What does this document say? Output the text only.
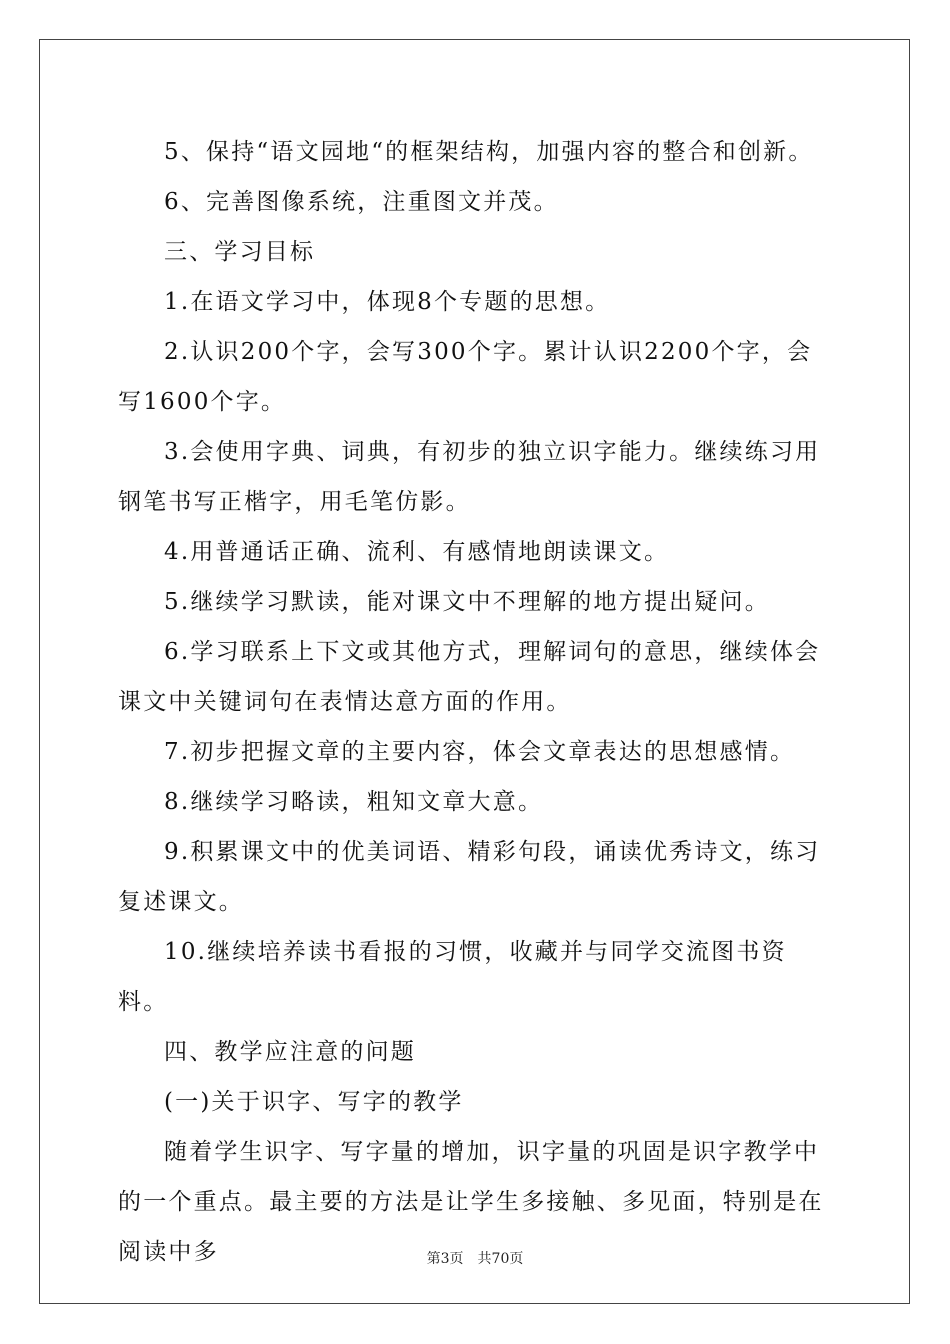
5、保持“语文园地“的框架结构，加强内容的整合和创新。

6、完善图像系统，注重图文并茂。

三、学习目标

1.在语文学习中，体现8个专题的思想。

2.认识200个字，会写300个字。累计认识2200个字，会写1600个字。

3.会使用字典、词典，有初步的独立识字能力。继续练习用钢笔书写正楷字，用毛笔仿影。

4.用普通话正确、流利、有感情地朗读课文。

5.继续学习默读，能对课文中不理解的地方提出疑问。

6.学习联系上下文或其他方式，理解词句的意思，继续体会课文中关键词句在表情达意方面的作用。

7.初步把握文章的主要内容，体会文章表达的思想感情。

8.继续学习略读，粗知文章大意。

9.积累课文中的优美词语、精彩句段，诵读优秀诗文，练习复述课文。

10.继续培养读书看报的习惯，收藏并与同学交流图书资料。

四、教学应注意的问题

(一)关于识字、写字的教学

随着学生识字、写字量的增加，识字量的巩固是识字教学中的一个重点。最主要的方法是让学生多接触、多见面，特别是在阅读中多	第3页　共70页
